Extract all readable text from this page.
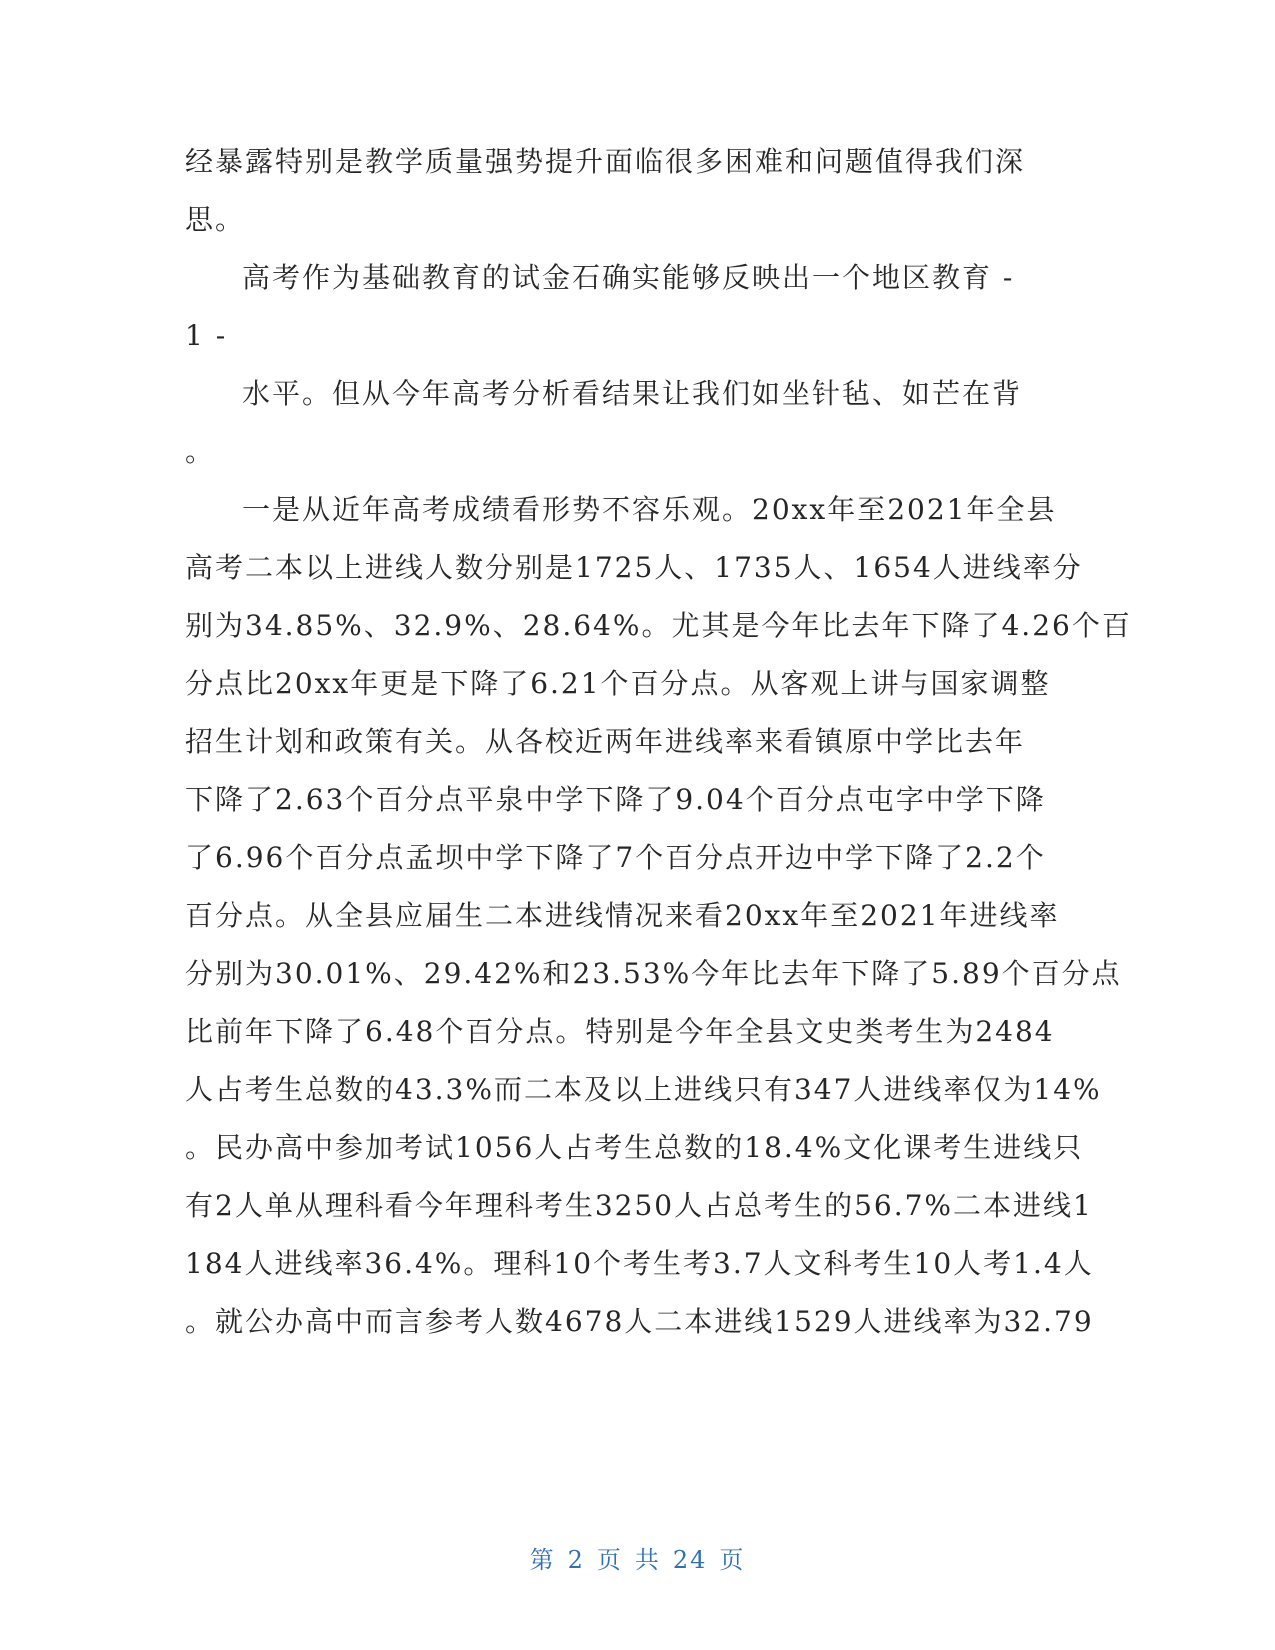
经暴露特别是教学质量强势提升面临很多困难和问题值得我们深
思。
高考作为基础教育的试金石确实能够反映出一个地区教育 -
1 -
水平。但从今年高考分析看结果让我们如坐针毡、如芒在背
。
一是从近年高考成绩看形势不容乐观。20xx年至2021年全县
高考二本以上进线人数分别是1725人、1735人、1654人进线率分
别为34.85%、32.9%、28.64%。尤其是今年比去年下降了4.26个百
分点比20xx年更是下降了6.21个百分点。从客观上讲与国家调整
招生计划和政策有关。从各校近两年进线率来看镇原中学比去年
下降了2.63个百分点平泉中学下降了9.04个百分点屯字中学下降
了6.96个百分点孟坝中学下降了7个百分点开边中学下降了2.2个
百分点。从全县应届生二本进线情况来看20xx年至2021年进线率
分别为30.01%、29.42%和23.53%今年比去年下降了5.89个百分点
比前年下降了6.48个百分点。特别是今年全县文史类考生为2484
人占考生总数的43.3%而二本及以上进线只有347人进线率仅为14%
。民办高中参加考试1056人占考生总数的18.4%文化课考生进线只
有2人单从理科看今年理科考生3250人占总考生的56.7%二本进线1
184人进线率36.4%。理科10个考生考3.7人文科考生10人考1.4人
。就公办高中而言参考人数4678人二本进线1529人进线率为32.79
第 2 页 共 24 页
